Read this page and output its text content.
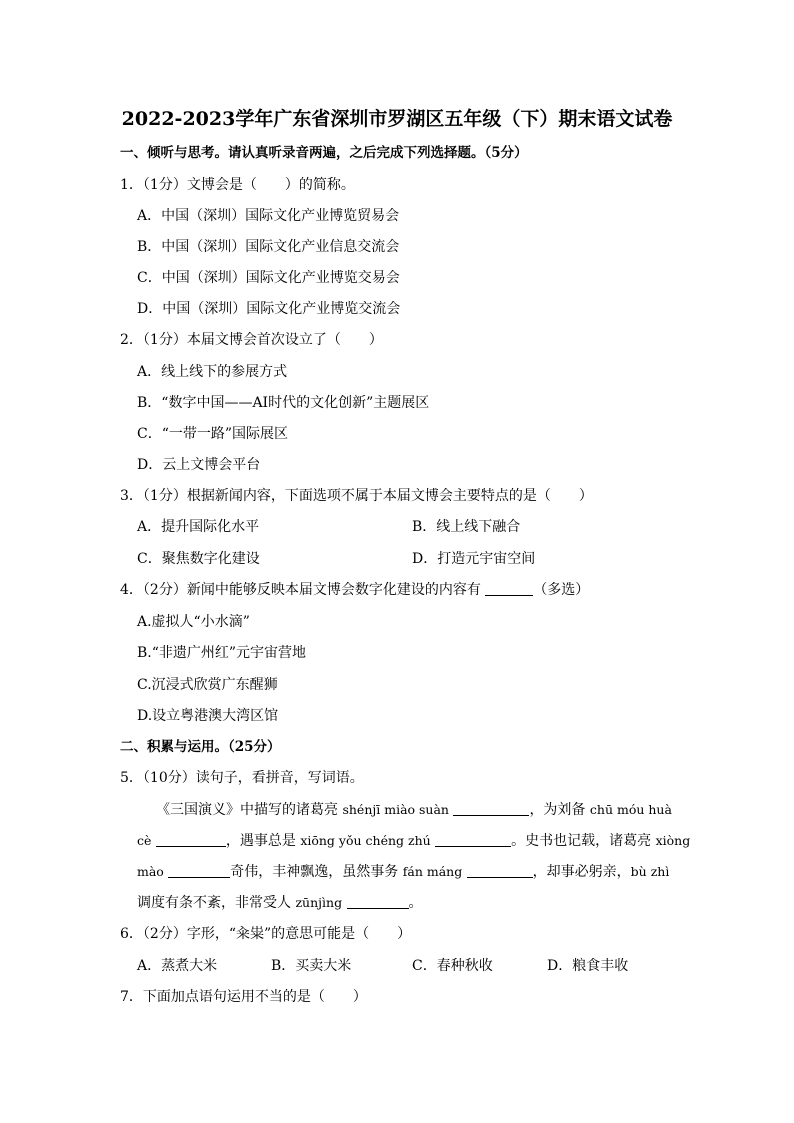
2022-2023学年广东省深圳市罗湖区五年级（下）期末语文试卷
一、倾听与思考。请认真听录音两遍，之后完成下列选择题。（5分）
1．（1分）文博会是（　　）的简称。
A．中国（深圳）国际文化产业博览贸易会
B．中国（深圳）国际文化产业信息交流会
C．中国（深圳）国际文化产业博览交易会
D．中国（深圳）国际文化产业博览交流会
2．（1分）本届文博会首次设立了（　　）
A．线上线下的参展方式
B．“数字中国——AI时代的文化创新”主题展区
C．“一带一路”国际展区
D．云上文博会平台
3．（1分）根据新闻内容，下面选项不属于本届文博会主要特点的是（　　）
A．提升国际化水平	B．线上线下融合
C．聚焦数字化建设	D．打造元宇宙空间
4．（2分）新闻中能够反映本届文博会数字化建设的内容有	（多选）
A.虚拟人“小水滴”
B.“非遗广州红”元宇宙营地
C.沉浸式欣赏广东醒狮
D.设立粤港澳大湾区馆
二、积累与运用。（25分）
5．（10分）读句子，看拼音，写词语。
《三国演义》中描写的诸葛亮 shénjī miào suàn	，为刘备 chū móu huà
cè	，遇事总是 xiōng yǒu chéng zhú	。史书也记载，诸葛亮 xiòng
mào	奇伟，丰神飘逸，虽然事务 fán máng	，却事必躬亲，bù zhì
调度有条不紊，非常受人 zūnjìng	。
6．（2分）字形，“籴粜”的意思可能是（　　）
A．蒸煮大米	B．买卖大米	C．春种秋收	D．粮食丰收
7．下面加点语句运用不当的是（　　）
